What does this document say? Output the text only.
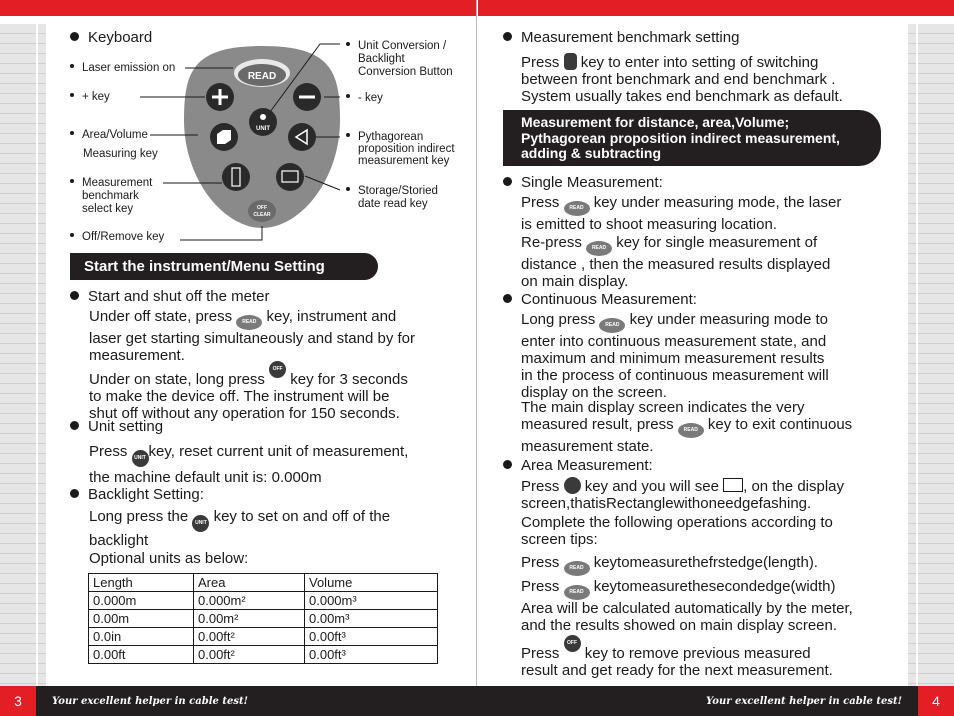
Keyboard
Laser emission on
+ key
Area/Volume
Measuring key
Measurement
benchmark
select key
Off/Remove key
Unit Conversion /
Backlight
Conversion Button
- key
Pythagorean
proposition indirect
measurement key
Storage/Storied
date read key
READ
UNIT
OFF
CLEAR
Start the instrument/Menu Setting
Start and shut off the meter
Under off state, press READ key, instrument and
laser get starting simultaneously and stand by for
measurement.
Under on state, long press OFF CLEAR key for 3 seconds
to make the device off. The instrument will be
shut off without any operation for 150 seconds.
Unit setting
Press UNIT key, reset current unit of measurement,
the machine default unit is: 0.000m
Backlight Setting:
Long press the UNIT key to set on and off of the
backlight
Optional units as below:
Length	Area	Volume
0.000m	0.000m²	0.000m³
0.00m	0.00m²	0.00m³
0.0in	0.00ft²	0.00ft³
0.00ft	0.00ft²	0.00ft³
Measurement benchmark setting
Press key to enter into setting of switching
between front benchmark and end benchmark .
System usually takes end benchmark as default.
Measurement for distance, area,Volume;
Pythagorean proposition indirect measurement,
adding & subtracting
Single Measurement:
Press READ key under measuring mode, the laser
is emitted to shoot measuring location.
Re-press READ key for single measurement of
distance , then the measured results displayed
on main display.
Continuous Measurement:
Long press READ key under measuring mode to
enter into continuous measurement state, and
maximum and minimum measurement results
in the process of continuous measurement will
display on the screen.
The main display screen indicates the very
measured result, press READ key to exit continuous
measurement state.
Area Measurement:
Press key and you will see , on the display
screen,thatisRectanglewithoneedgefashing.
Complete the following operations according to
screen tips:
Press READ keytomeasurethefrstedge(length).
Press READ keytomeasurethesecondedge(width)
Area will be calculated automatically by the meter,
and the results showed on main display screen.
Press OFF CLEAR key to remove previous measured
result and get ready for the next measurement.
3	4
Your excellent helper in cable test!	Your excellent helper in cable test!
